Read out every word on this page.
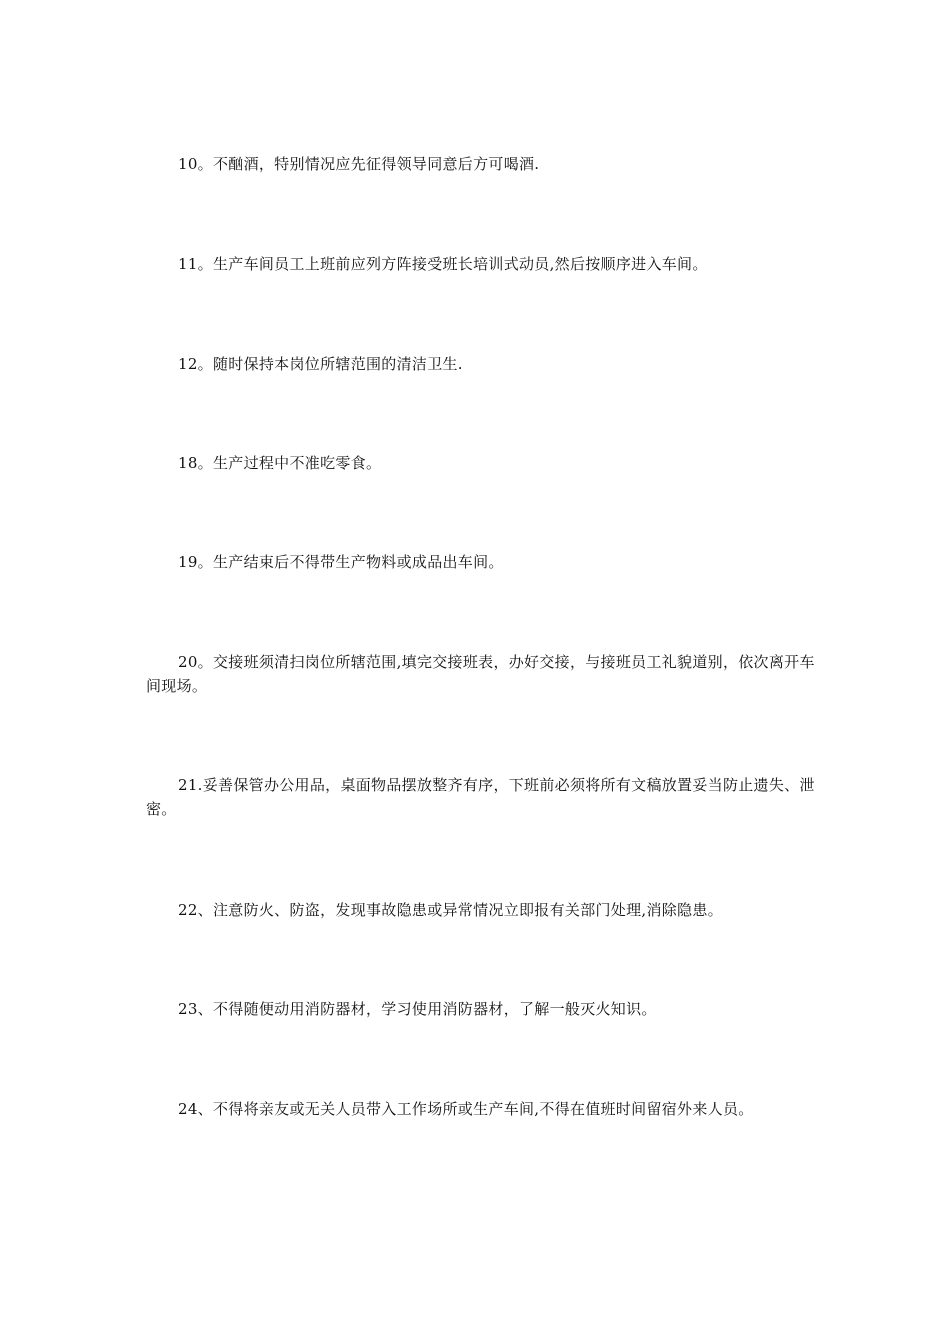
10。不酗酒，特别情况应先征得领导同意后方可喝酒.

11。生产车间员工上班前应列方阵接受班长培训式动员,然后按顺序进入车间。

12。随时保持本岗位所辖范围的清洁卫生.

18。生产过程中不准吃零食。

19。生产结束后不得带生产物料或成品出车间。

20。交接班须清扫岗位所辖范围,填完交接班表，办好交接，与接班员工礼貌道别，依次离开车间现场。

21.妥善保管办公用品，桌面物品摆放整齐有序，下班前必须将所有文稿放置妥当防止遗失、泄密。

22、注意防火、防盗，发现事故隐患或异常情况立即报有关部门处理,消除隐患。

23、不得随便动用消防器材，学习使用消防器材，了解一般灭火知识。

24、不得将亲友或无关人员带入工作场所或生产车间,不得在值班时间留宿外来人员。
